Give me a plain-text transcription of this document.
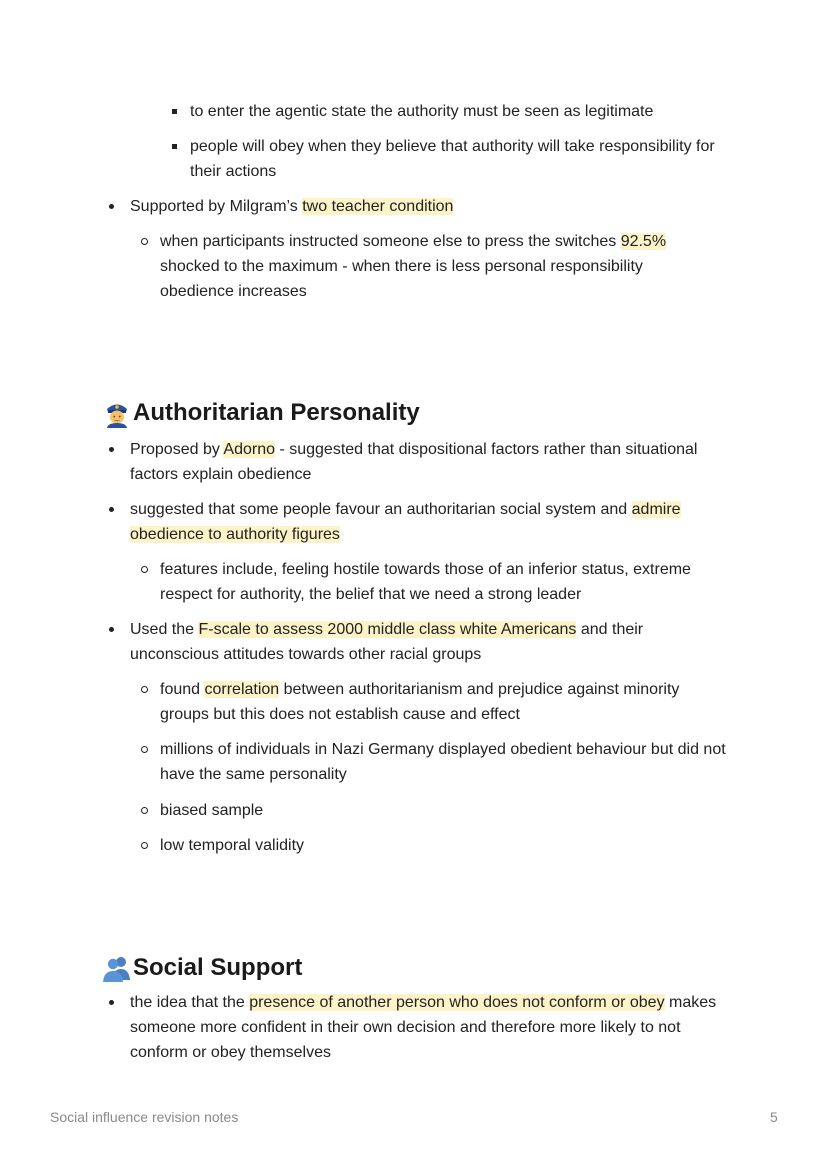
to enter the agentic state the authority must be seen as legitimate
people will obey when they believe that authority will take responsibility for their actions
Supported by Milgram’s two teacher condition
when participants instructed someone else to press the switches 92.5% shocked to the maximum - when there is less personal responsibility obedience increases
Authoritarian Personality
Proposed by Adorno - suggested that dispositional factors rather than situational factors explain obedience
suggested that some people favour an authoritarian social system and admire obedience to authority figures
features include, feeling hostile towards those of an inferior status, extreme respect for authority, the belief that we need a strong leader
Used the F-scale to assess 2000 middle class white Americans and their unconscious attitudes towards other racial groups
found correlation between authoritarianism and prejudice against minority groups but this does not establish cause and effect
millions of individuals in Nazi Germany displayed obedient behaviour but did not have the same personality
biased sample
low temporal validity
Social Support
the idea that the presence of another person who does not conform or obey makes someone more confident in their own decision and therefore more likely to not conform or obey themselves
Social influence revision notes	5
